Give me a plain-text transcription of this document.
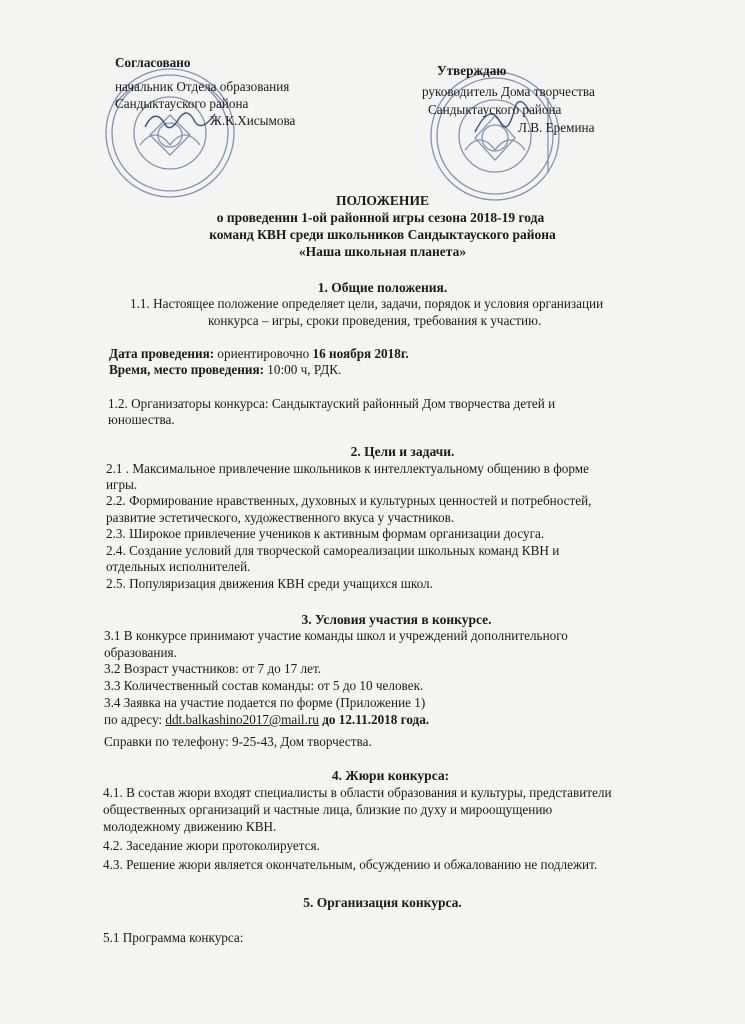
Согласовано
начальник Отдела образования
Сандыктауского района
Ж.К.Хисымова
Утверждаю
руководитель Дома творчества
Сандыктауского района
Л.В. Еремина
ПОЛОЖЕНИЕ
о проведении 1-ой районной игры сезона 2018-19 года
команд КВН среди школьников Сандыктауского района
«Наша школьная планета»
1. Общие положения.
1.1. Настоящее положение определяет цели, задачи, порядок и условия организации
конкурса – игры, сроки проведения, требования к участию.
Дата проведения: ориентировочно 16 ноября 2018г.
Время, место проведения: 10:00 ч, РДК.
1.2. Организаторы конкурса: Сандыктауский районный Дом творчества детей и
юношества.
2. Цели и задачи.
2.1 . Максимальное привлечение школьников к интеллектуальному общению в форме
игры.
2.2. Формирование нравственных, духовных и культурных ценностей и потребностей,
развитие эстетического, художественного вкуса у участников.
2.3. Широкое привлечение учеников к активным формам организации досуга.
2.4. Создание условий для творческой самореализации школьных команд КВН и
отдельных исполнителей.
2.5. Популяризация движения КВН среди учащихся школ.
3. Условия участия в конкурсе.
3.1 В конкурсе принимают участие команды школ и учреждений дополнительного
образования.
3.2 Возраст участников: от 7 до 17 лет.
3.3 Количественный состав команды: от 5 до 10 человек.
3.4 Заявка на участие подается по форме (Приложение 1)
по адресу: ddt.balkashino2017@mail.ru до 12.11.2018 года.
Справки по телефону: 9-25-43, Дом творчества.
4. Жюри конкурса:
4.1. В состав жюри входят специалисты в области образования и культуры, представители
общественных организаций и частные лица, близкие по духу и мироощущению
молодежному движению КВН.
4.2. Заседание жюри протоколируется.
4.3. Решение жюри является окончательным, обсуждению и обжалованию не подлежит.
5. Организация конкурса.
5.1 Программа конкурса:
